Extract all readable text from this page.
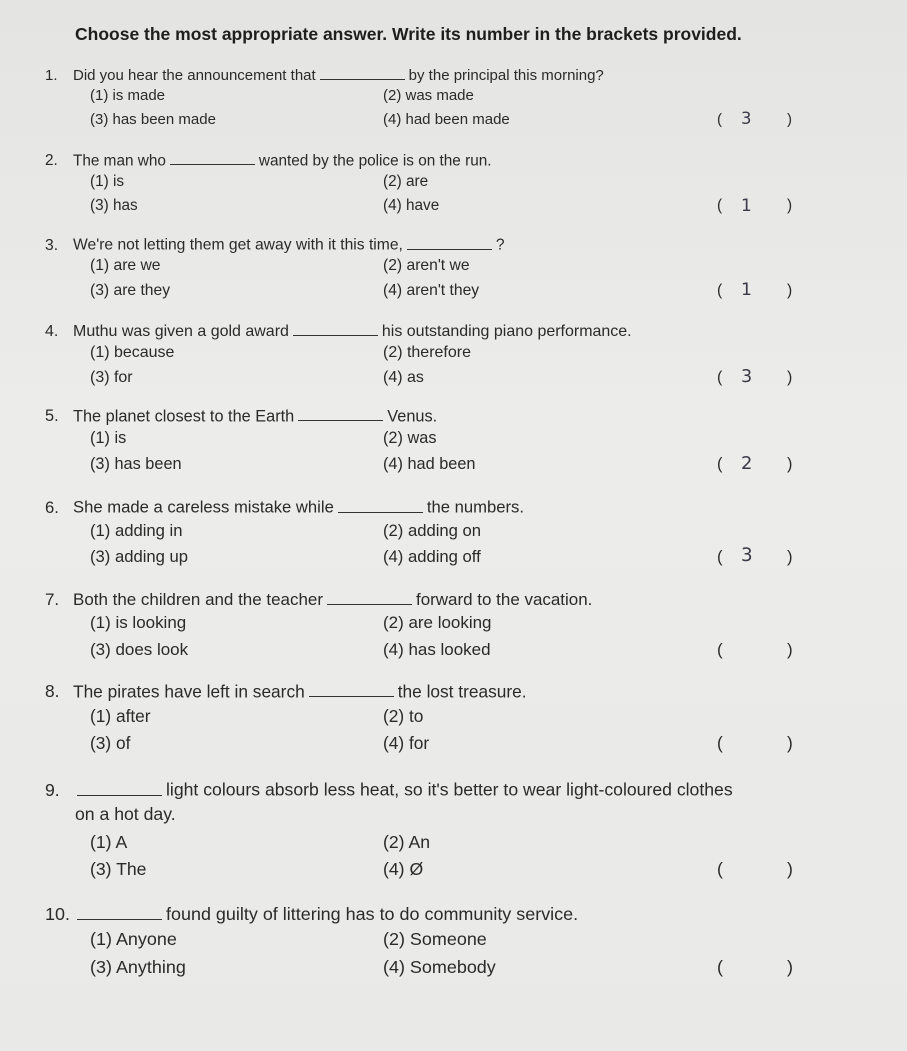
Choose the most appropriate answer. Write its number in the brackets provided.
1. Did you hear the announcement that	by the principal this morning?
(1) is made	(2) was made
(3) has been made	(4) had been made	( 3 )
2. The man who	wanted by the police is on the run.
(1) is	(2) are
(3) has	(4) have	( 1 )
3. We're not letting them get away with it this time,	?
(1) are we	(2) aren't we
(3) are they	(4) aren't they	( 1 )
4. Muthu was given a gold award	his outstanding piano performance.
(1) because	(2) therefore
(3) for	(4) as	( 3 )
5. The planet closest to the Earth	Venus.
(1) is	(2) was
(3) has been	(4) had been	( 2 )
6. She made a careless mistake while	the numbers.
(1) adding in	(2) adding on
(3) adding up	(4) adding off	( 3 )
7. Both the children and the teacher	forward to the vacation.
(1) is looking	(2) are looking
(3) does look	(4) has looked	(	)
8. The pirates have left in search	the lost treasure.
(1) after	(2) to
(3) of	(4) for	(	)
9.	light colours absorb less heat, so it's better to wear light-coloured clothes
on a hot day.
(1) A	(2) An
(3) The	(4) Ø	(	)
10.	found guilty of littering has to do community service.
(1) Anyone	(2) Someone
(3) Anything	(4) Somebody	(	)
